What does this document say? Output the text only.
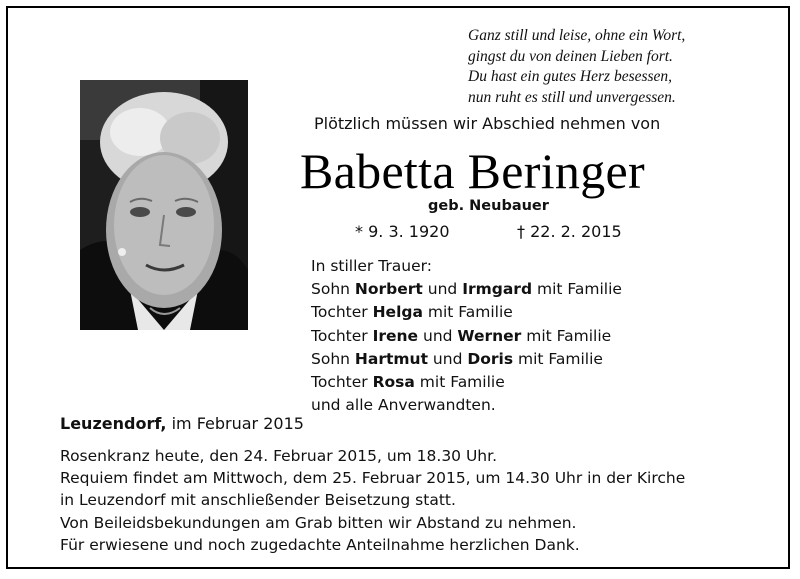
Ganz still und leise, ohne ein Wort,
gingst du von deinen Lieben fort.
Du hast ein gutes Herz besessen,
nun ruht es still und unvergessen.
Plötzlich müssen wir Abschied nehmen von
Babetta Beringer
geb. Neubauer
* 9. 3. 1920	† 22. 2. 2015
In stiller Trauer:
Sohn Norbert und Irmgard mit Familie
Tochter Helga mit Familie
Tochter Irene und Werner mit Familie
Sohn Hartmut und Doris mit Familie
Tochter Rosa mit Familie
und alle Anverwandten.
Leuzendorf, im Februar 2015
Rosenkranz heute, den 24. Februar 2015, um 18.30 Uhr.
Requiem findet am Mittwoch, dem 25. Februar 2015, um 14.30 Uhr in der Kirche
in Leuzendorf mit anschließender Beisetzung statt.
Von Beileidsbekundungen am Grab bitten wir Abstand zu nehmen.
Für erwiesene und noch zugedachte Anteilnahme herzlichen Dank.
